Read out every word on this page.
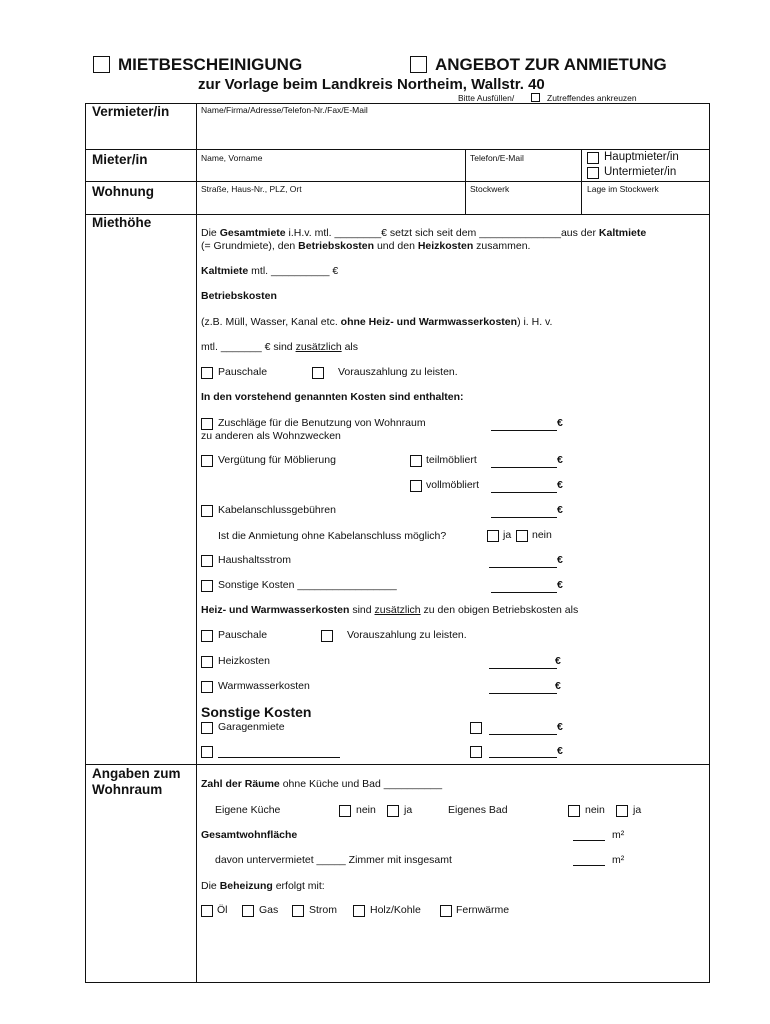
MIETBESCHEINIGUNG	ANGEBOT ZUR ANMIETUNG
zur Vorlage beim Landkreis Northeim, Wallstr. 40
Bitte Ausfüllen/	Zutreffendes ankreuzen
Vermieter/in	Name/Firma/Adresse/Telefon-Nr./Fax/E-Mail
Mieter/in	Name, Vorname	Telefon/E-Mail	Hauptmieter/in
Untermieter/in
Wohnung	Straße, Haus-Nr., PLZ, Ort	Stockwerk	Lage im Stockwerk
Miethöhe
Die Gesamtmiete i.H.v. mtl. ________€ setzt sich seit dem ______________aus der Kaltmiete
(= Grundmiete), den Betriebskosten und den Heizkosten zusammen.
Kaltmiete mtl. __________ €
Betriebskosten
(z.B. Müll, Wasser, Kanal etc. ohne Heiz- und Warmwasserkosten) i. H. v.
mtl. _______ € sind zusätzlich als
Pauschale	Vorauszahlung zu leisten.
In den vorstehend genannten Kosten sind enthalten:
Zuschläge für die Benutzung von Wohnraum
zu anderen als Wohnzwecken
€
Vergütung für Möblierung	teilmöbliert	€
vollmöbliert	€
Kabelanschlussgebühren	€
Ist die Anmietung ohne Kabelanschluss möglich?	ja nein
Haushaltsstrom	€
Sonstige Kosten _________________	€
Heiz- und Warmwasserkosten sind zusätzlich zu den obigen Betriebskosten als
Pauschale	Vorauszahlung zu leisten.
Heizkosten	€
Warmwasserkosten	€
Sonstige Kosten
Garagenmiete	€
€
Angaben zum
Wohnraum	Zahl der Räume ohne Küche und Bad __________
Eigene Küche	nein	ja	Eigenes Bad	nein	ja
Gesamtwohnfläche	m²
davon untervermietet _____ Zimmer mit insgesamt	m²
Die Beheizung erfolgt mit:
Öl	Gas	Strom	Holz/Kohle	Fernwärme
